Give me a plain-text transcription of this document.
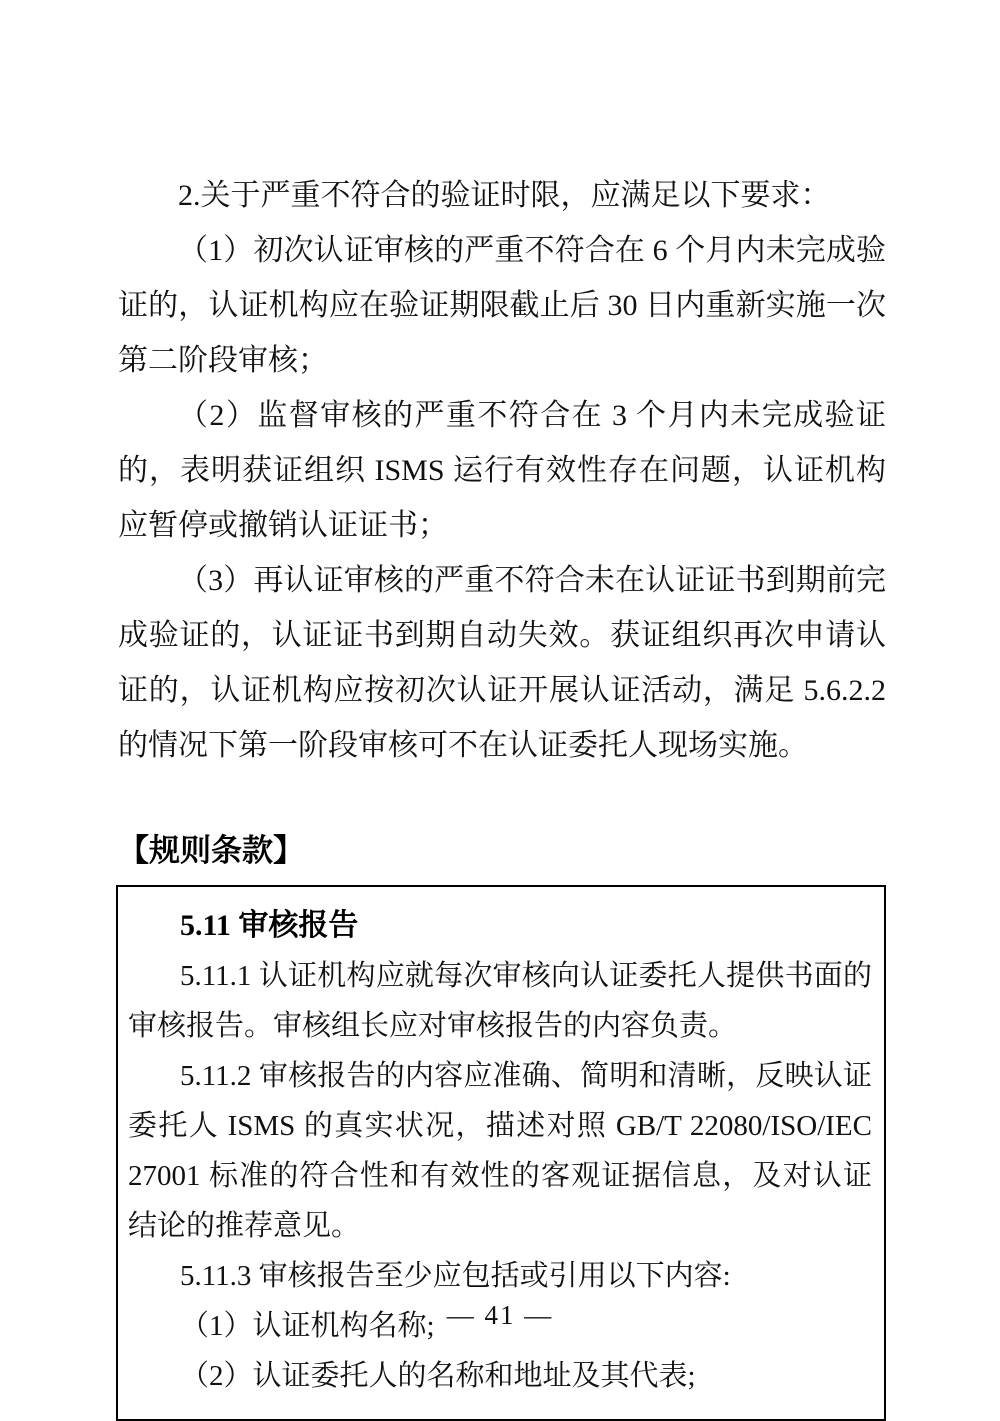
2.关于严重不符合的验证时限，应满足以下要求：

（1）初次认证审核的严重不符合在 6 个月内未完成验证的，认证机构应在验证期限截止后 30 日内重新实施一次第二阶段审核；

（2）监督审核的严重不符合在 3 个月内未完成验证的，表明获证组织 ISMS 运行有效性存在问题，认证机构应暂停或撤销认证证书；

（3）再认证审核的严重不符合未在认证证书到期前完成验证的，认证证书到期自动失效。获证组织再次申请认证的，认证机构应按初次认证开展认证活动，满足 5.6.2.2 的情况下第一阶段审核可不在认证委托人现场实施。

【规则条款】
5.11 审核报告

5.11.1 认证机构应就每次审核向认证委托人提供书面的审核报告。审核组长应对审核报告的内容负责。

5.11.2 审核报告的内容应准确、简明和清晰，反映认证委托人 ISMS 的真实状况，描述对照 GB/T 22080/ISO/IEC 27001 标准的符合性和有效性的客观证据信息，及对认证结论的推荐意见。

5.11.3 审核报告至少应包括或引用以下内容:

（1）认证机构名称;

（2）认证委托人的名称和地址及其代表;

— 41 —
